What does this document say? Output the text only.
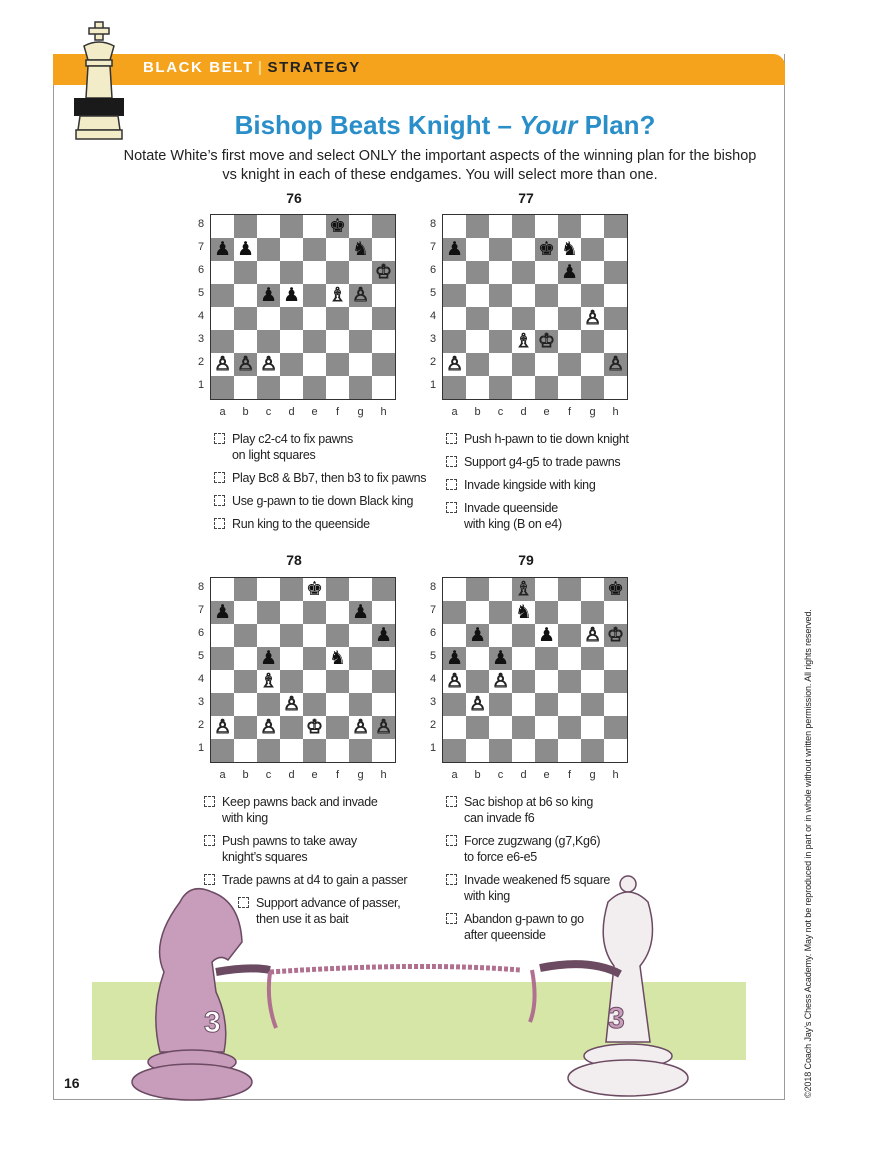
BLACK BELT | STRATEGY
Bishop Beats Knight – Your Plan?
Notate White’s first move and select ONLY the important aspects of the winning plan for the bishop vs knight in each of these endgames. You will select more than one.
76
♚
♟ ♟	♞
♔
♟ ♟ ♗ ♙
♙ ♙ ♙
8
7
6
5
4
3
2
1
a	b	c	d	e	f	g	h
Play c2-c4 to fix pawns
on light squares
Play Bc8 & Bb7, then b3 to fix pawns
Use g-pawn to tie down Black king
Run king to the queenside
77
♟	♚ ♞
♟
♙
♗ ♔
♙	♙
8
7
6
5
4
3
2
1
a	b	c	d	e	f	g	h
Push h-pawn to tie down knight
Support g4-g5 to trade pawns
Invade kingside with king
Invade queenside
with king (B on e4)
78
♚
♟	♟
♟
♟	♞
♗
♙
♙ ♙ ♔ ♙ ♙
8
7
6
5
4
3
2
1
a	b	c	d	e	f	g	h
Keep pawns back and invade
with king
Push pawns to take away
knight’s squares
Trade pawns at d4 to gain a passer
Support advance of passer,
then use it as bait
79
♗	♚
♞
♟	♟ ♙ ♔
♟ ♟
♙ ♙
♙
8
7
6
5
4
3
2
1
a	b	c	d	e	f	g	h
Sac bishop at b6 so king
can invade f6
Force zugzwang (g7,Kg6)
to force e6-e5
Invade weakened f5 square
with king
Abandon g-pawn to go
after queenside
3	3
16	©2018 Coach Jay’s Chess Academy. May not be reproduced in part or in whole without written permission. All rights reserved.
